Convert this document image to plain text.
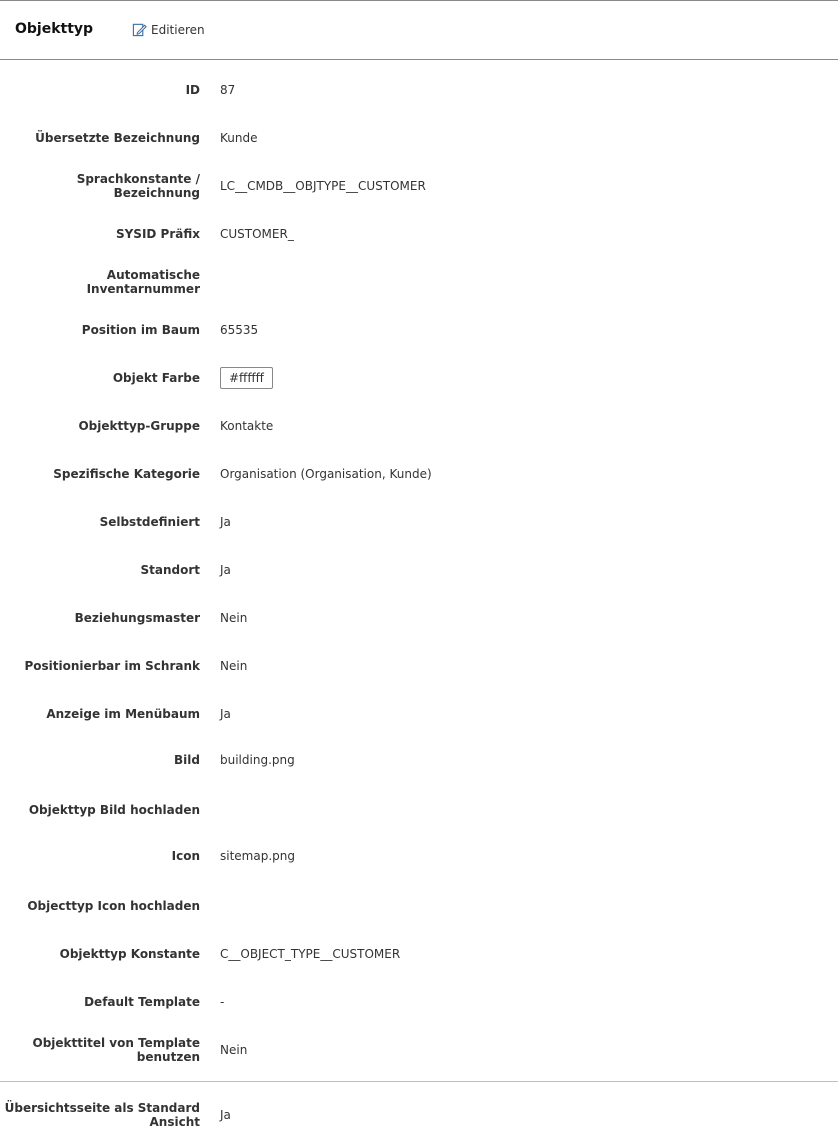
Objekttyp	Editieren
ID 87
Übersetzte Bezeichnung Kunde
Sprachkonstante / Bezeichnung LC__CMDB__OBJTYPE__CUSTOMER
SYSID Präfix CUSTOMER_
Automatische Inventarnummer
Position im Baum 65535
Objekt Farbe	#ffffff
Objekttyp-Gruppe Kontakte
Spezifische Kategorie Organisation (Organisation, Kunde)
Selbstdefiniert Ja
Standort Ja
Beziehungsmaster Nein
Positionierbar im Schrank Nein
Anzeige im Menübaum Ja
Bild building.png
Objekttyp Bild hochladen
Icon sitemap.png
Objecttyp Icon hochladen
Objekttyp Konstante C__OBJECT_TYPE__CUSTOMER
Default Template -
Objekttitel von Template benutzen Nein
Übersichtsseite als Standard Ansicht Ja
